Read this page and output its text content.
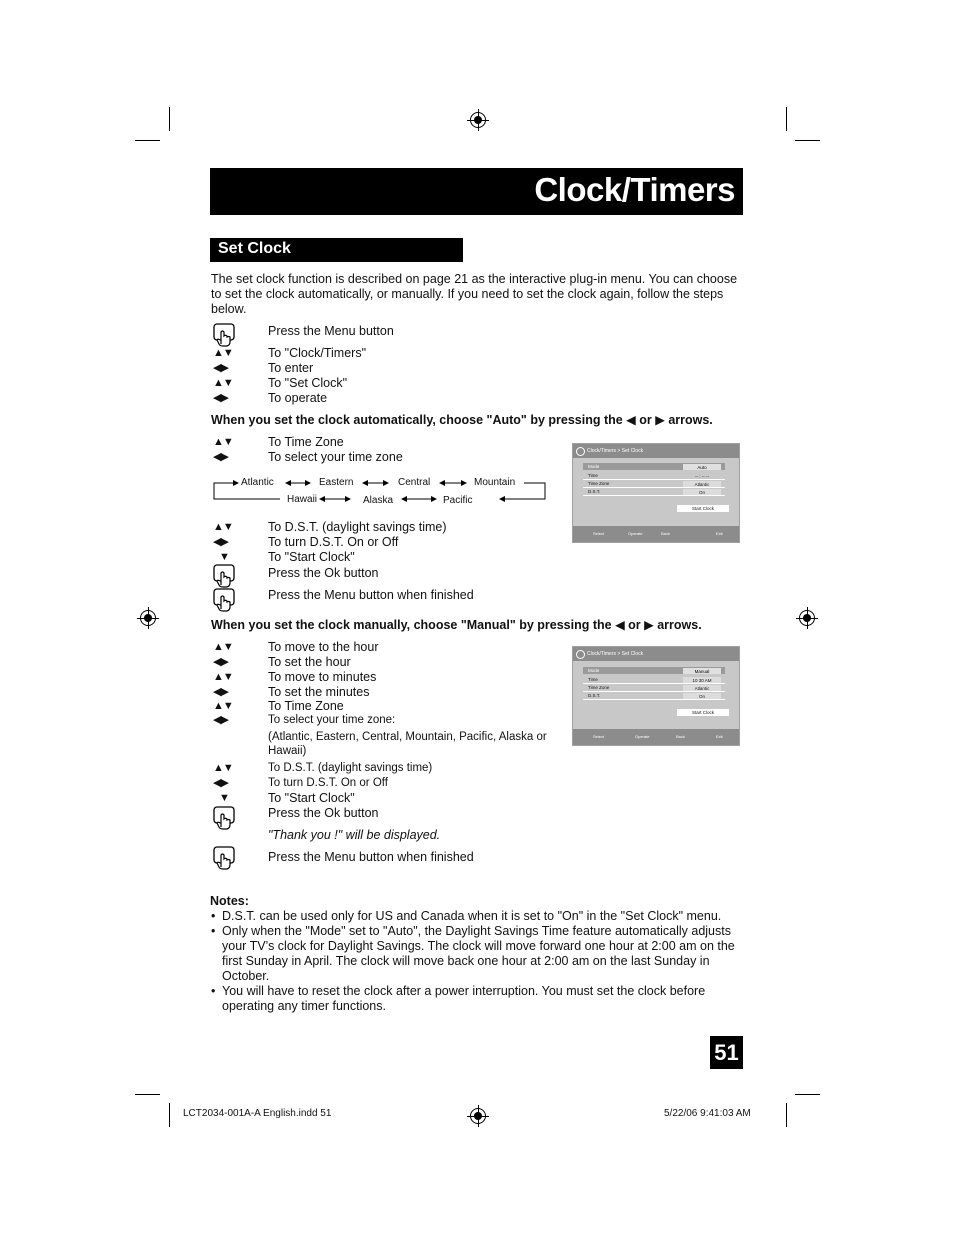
Clock/Timers
Set Clock
The set clock function is described on page 21 as the interactive plug-in menu. You can choose to set the clock automatically, or manually. If you need to set the clock again, follow the steps below.
Press the Menu button
▲▼	To "Clock/Timers"
◀▶	To enter
▲▼	To "Set Clock"
◀▶	To operate
When you set the clock automatically, choose "Auto" by pressing the ◀ or ▶ arrows.
▲▼	To Time Zone
◀▶	To select your time zone
Atlantic	Eastern	Central	Mountain
Hawaii	Alaska	Pacific
▲▼	To D.S.T. (daylight savings time)
◀▶	To turn D.S.T. On or Off
▼	To "Start Clock"
Press the Ok button
Press the Menu button when finished
Clock/Timers > Set Clock
Mode	Auto
Time	-- : -- --
Time Zone	Atlantic
D.S.T.	On
Start Clock
Select	Operate	Back	Exit
When you set the clock manually, choose "Manual" by pressing the ◀ or ▶ arrows.
▲▼	To move to the hour
◀▶	To set the hour
▲▼	To move to minutes
◀▶	To set the minutes
▲▼	To Time Zone
◀▶	To select your time zone:
(Atlantic, Eastern, Central, Mountain, Pacific, Alaska or Hawaii)
▲▼	To D.S.T. (daylight savings time)
◀▶	To turn D.S.T. On or Off
▼	To "Start Clock"
Press the Ok button
"Thank you !" will be displayed.
Press the Menu button when finished
Clock/Timers > Set Clock
Mode	Manual
Time	10 30 AM
Time Zone	Atlantic
D.S.T.	On
Start Clock
Select	Operate	Back	Exit
Notes:
• D.S.T. can be used only for US and Canada when it is set to "On" in the "Set Clock" menu.
• Only when the "Mode" set to "Auto", the Daylight Savings Time feature automatically adjusts your TV’s clock for Daylight Savings. The clock will move forward one hour at 2:00 am on the first Sunday in April. The clock will move back one hour at 2:00 am on the last Sunday in October.
• You will have to reset the clock after a power interruption. You must set the clock before operating any timer functions.
51
LCT2034-001A-A English.indd 51	5/22/06 9:41:03 AM
